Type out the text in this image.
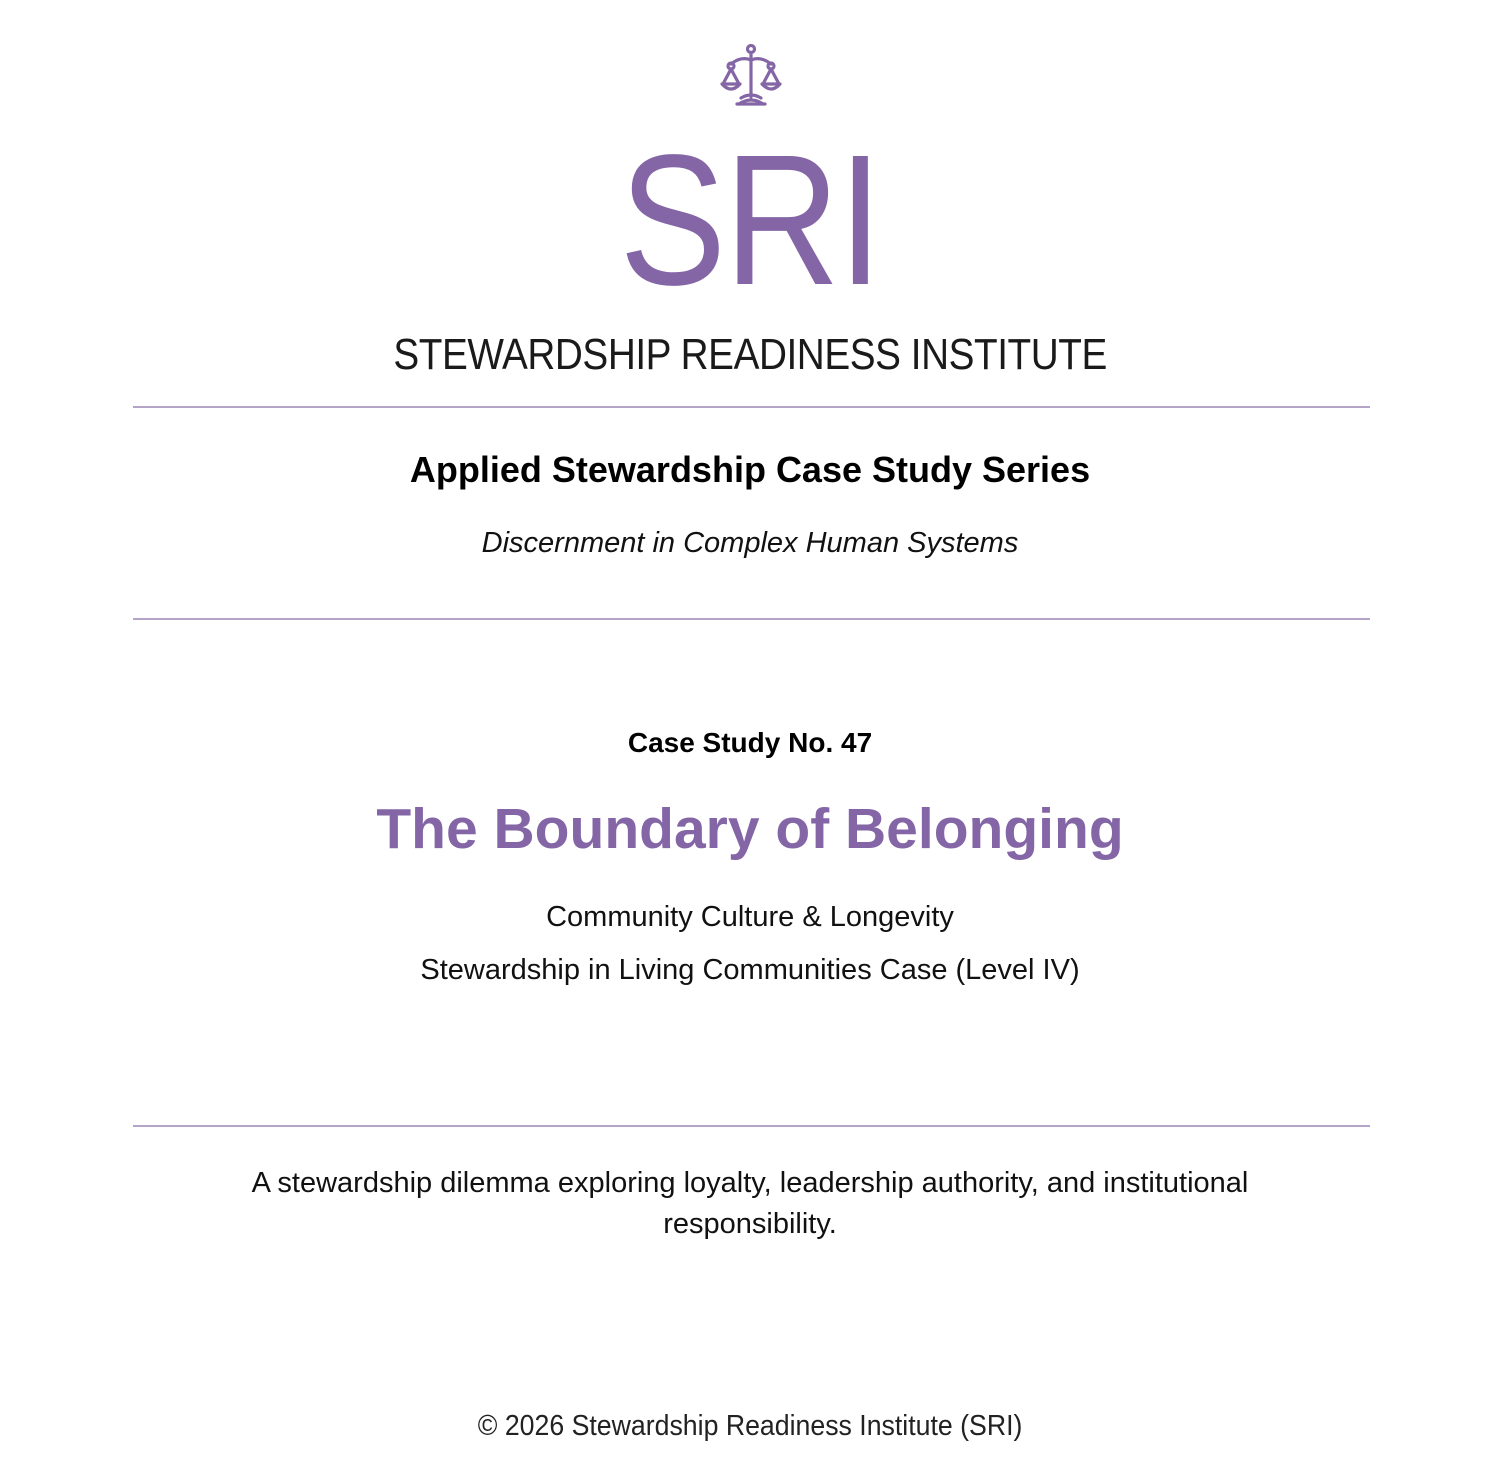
SRI
STEWARDSHIP READINESS INSTITUTE
Applied Stewardship Case Study Series
Discernment in Complex Human Systems
Case Study No. 47
The Boundary of Belonging
Community Culture & Longevity
Stewardship in Living Communities Case (Level IV)
A stewardship dilemma exploring loyalty, leadership authority, and institutional responsibility.
© 2026 Stewardship Readiness Institute (SRI)
